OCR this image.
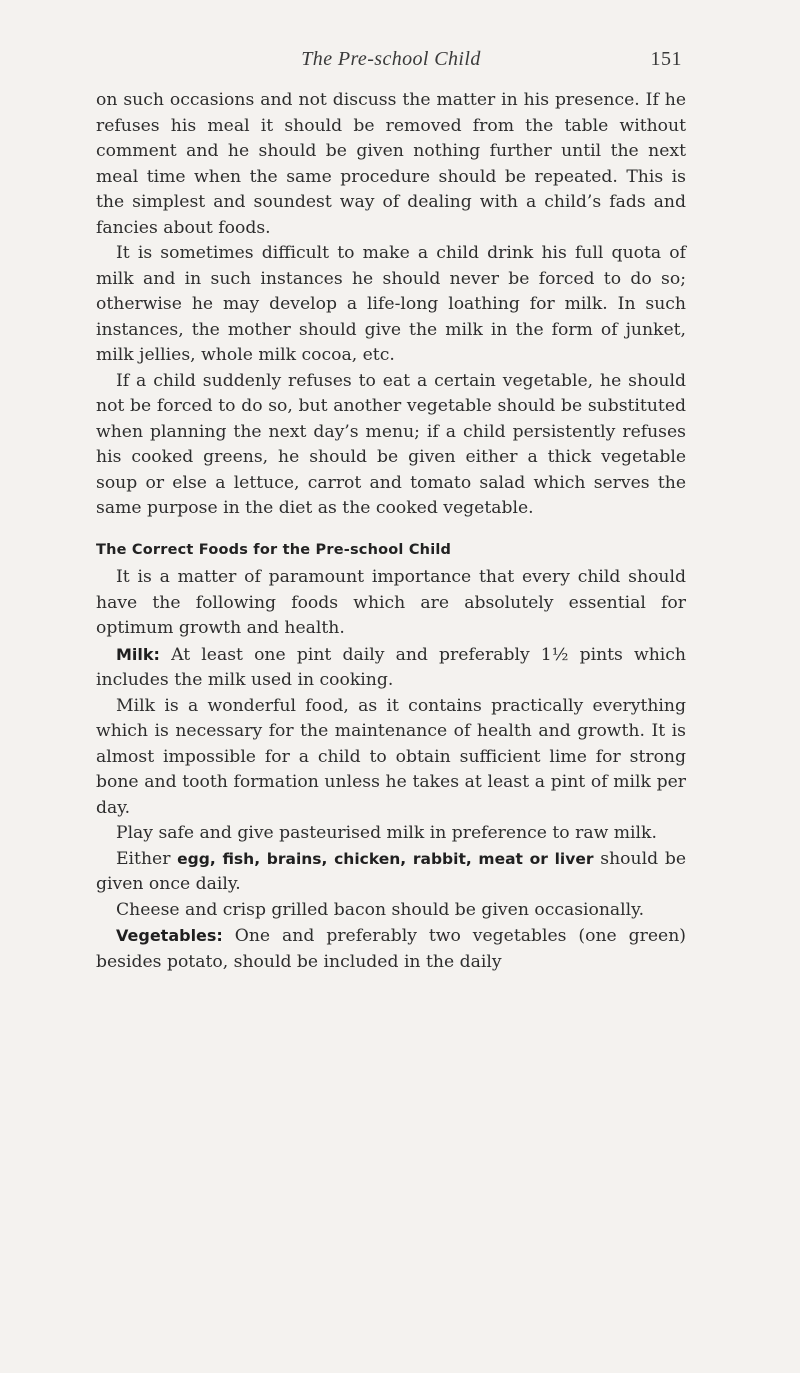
The Pre-school Child	151

on such occasions and not discuss the matter in his presence. If he refuses his meal it should be removed from the table without comment and he should be given nothing further until the next meal time when the same procedure should be repeated. This is the simplest and soundest way of dealing with a child’s fads and fancies about foods.

It is sometimes difficult to make a child drink his full quota of milk and in such instances he should never be forced to do so; otherwise he may develop a life-long loathing for milk. In such instances, the mother should give the milk in the form of junket, milk jellies, whole milk cocoa, etc.

If a child suddenly refuses to eat a certain vegetable, he should not be forced to do so, but another vegetable should be substituted when planning the next day’s menu; if a child persistently refuses his cooked greens, he should be given either a thick vegetable soup or else a lettuce, carrot and tomato salad which serves the same purpose in the diet as the cooked vegetable.

The Correct Foods for the Pre-school Child

It is a matter of paramount importance that every child should have the following foods which are absolutely essential for optimum growth and health.

Milk: At least one pint daily and preferably 1½ pints which includes the milk used in cooking.

Milk is a wonderful food, as it contains practically everything which is necessary for the maintenance of health and growth. It is almost impossible for a child to obtain sufficient lime for strong bone and tooth formation unless he takes at least a pint of milk per day.

Play safe and give pasteurised milk in preference to raw milk.

Either egg, fish, brains, chicken, rabbit, meat or liver should be given once daily.

Cheese and crisp grilled bacon should be given occasionally.

Vegetables: One and preferably two vegetables (one green) besides potato, should be included in the daily
